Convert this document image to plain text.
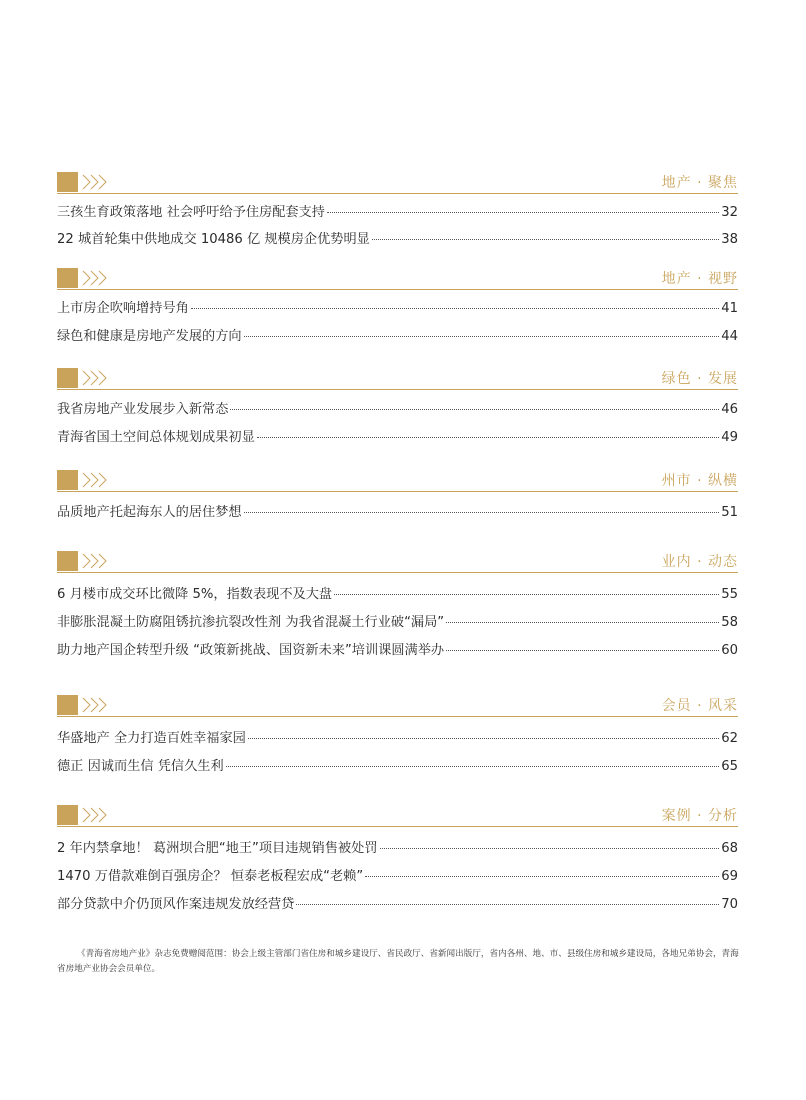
地产 · 聚焦
三孩生育政策落地 社会呼吁给予住房配套支持	32
22 城首轮集中供地成交 10486 亿 规模房企优势明显	38
地产 · 视野
上市房企吹响增持号角	41
绿色和健康是房地产发展的方向	44
绿色 · 发展
我省房地产业发展步入新常态	46
青海省国土空间总体规划成果初显	49
州市 · 纵横
品质地产托起海东人的居住梦想	51
业内 · 动态
6 月楼市成交环比微降 5%，指数表现不及大盘	55
非膨胀混凝土防腐阻锈抗渗抗裂改性剂 为我省混凝土行业破“漏局”	58
助力地产国企转型升级 “政策新挑战、国资新未来”培训课圆满举办	60
会员 · 风采
华盛地产 全力打造百姓幸福家园	62
德正 因诚而生信 凭信久生利	65
案例 · 分析
2 年内禁拿地！ 葛洲坝合肥“地王”项目违规销售被处罚	68
1470 万借款难倒百强房企？ 恒泰老板程宏成“老赖”	69
部分贷款中介仍顶风作案违规发放经营贷	70
《青海省房地产业》杂志免费赠阅范围：协会上级主管部门省住房和城乡建设厅、省民政厅、省新闻出版厅，省内各州、地、市、县级住房和城乡建设局，各地兄弟协会，青海省房地产业协会会员单位。
